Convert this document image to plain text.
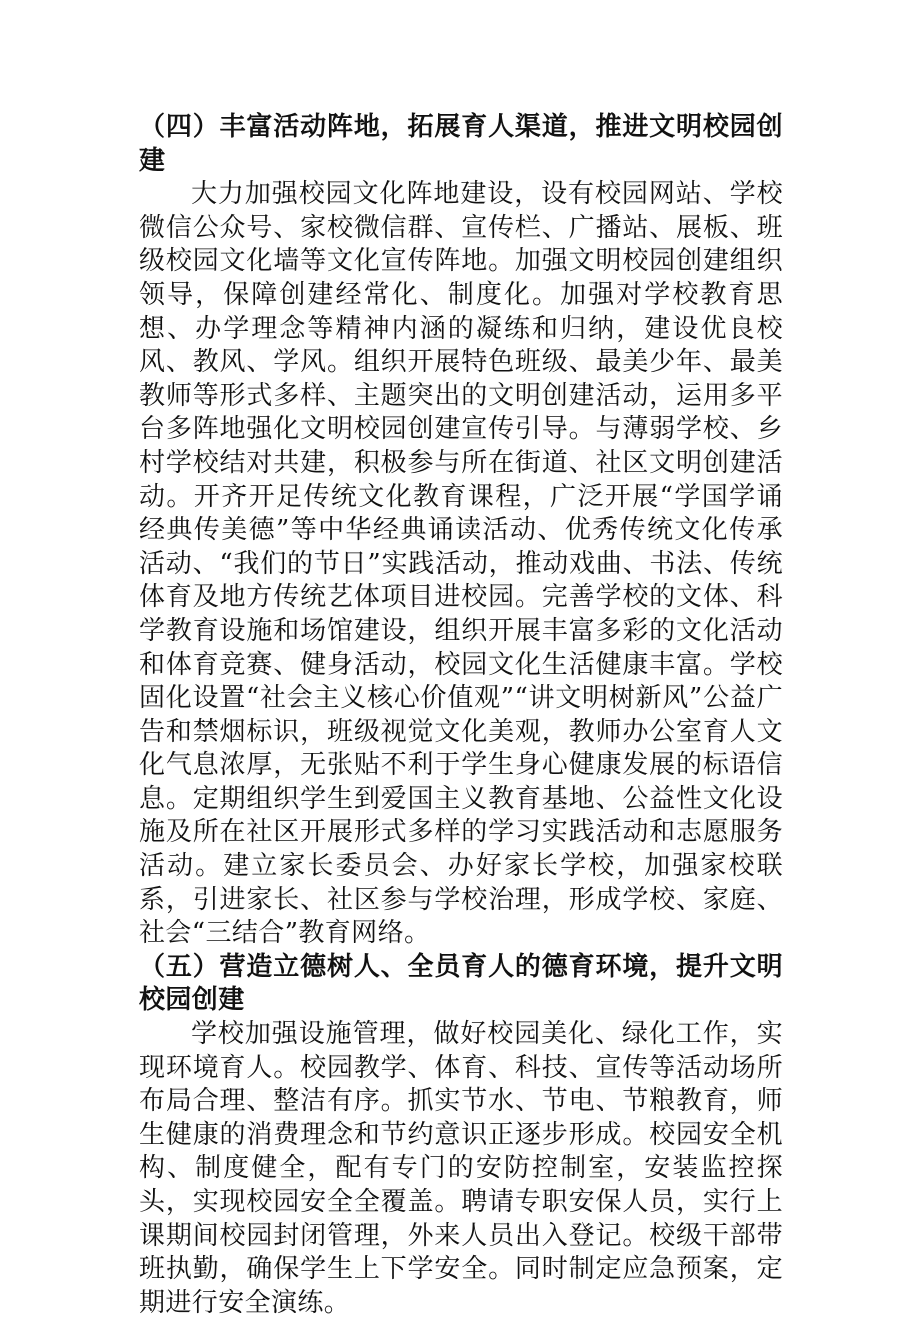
（四）丰富活动阵地，拓展育人渠道，推进文明校园创建

大力加强校园文化阵地建设，设有校园网站、学校微信公众号、家校微信群、宣传栏、广播站、展板、班级校园文化墙等文化宣传阵地。加强文明校园创建组织领导，保障创建经常化、制度化。加强对学校教育思想、办学理念等精神内涵的凝练和归纳，建设优良校风、教风、学风。组织开展特色班级、最美少年、最美教师等形式多样、主题突出的文明创建活动，运用多平台多阵地强化文明校园创建宣传引导。与薄弱学校、乡村学校结对共建，积极参与所在街道、社区文明创建活动。开齐开足传统文化教育课程，广泛开展“学国学诵经典传美德”等中华经典诵读活动、优秀传统文化传承活动、“我们的节日”实践活动，推动戏曲、书法、传统体育及地方传统艺体项目进校园。完善学校的文体、科学教育设施和场馆建设，组织开展丰富多彩的文化活动和体育竞赛、健身活动，校园文化生活健康丰富。学校固化设置“社会主义核心价值观”“讲文明树新风”公益广告和禁烟标识，班级视觉文化美观，教师办公室育人文化气息浓厚，无张贴不利于学生身心健康发展的标语信息。定期组织学生到爱国主义教育基地、公益性文化设施及所在社区开展形式多样的学习实践活动和志愿服务活动。建立家长委员会、办好家长学校，加强家校联系，引进家长、社区参与学校治理，形成学校、家庭、社会“三结合”教育网络。

（五）营造立德树人、全员育人的德育环境，提升文明校园创建

学校加强设施管理，做好校园美化、绿化工作，实现环境育人。校园教学、体育、科技、宣传等活动场所布局合理、整洁有序。抓实节水、节电、节粮教育，师生健康的消费理念和节约意识正逐步形成。校园安全机构、制度健全，配有专门的安防控制室，安装监控探头，实现校园安全全覆盖。聘请专职安保人员，实行上课期间校园封闭管理，外来人员出入登记。校级干部带班执勤，确保学生上下学安全。同时制定应急预案，定期进行安全演练。
